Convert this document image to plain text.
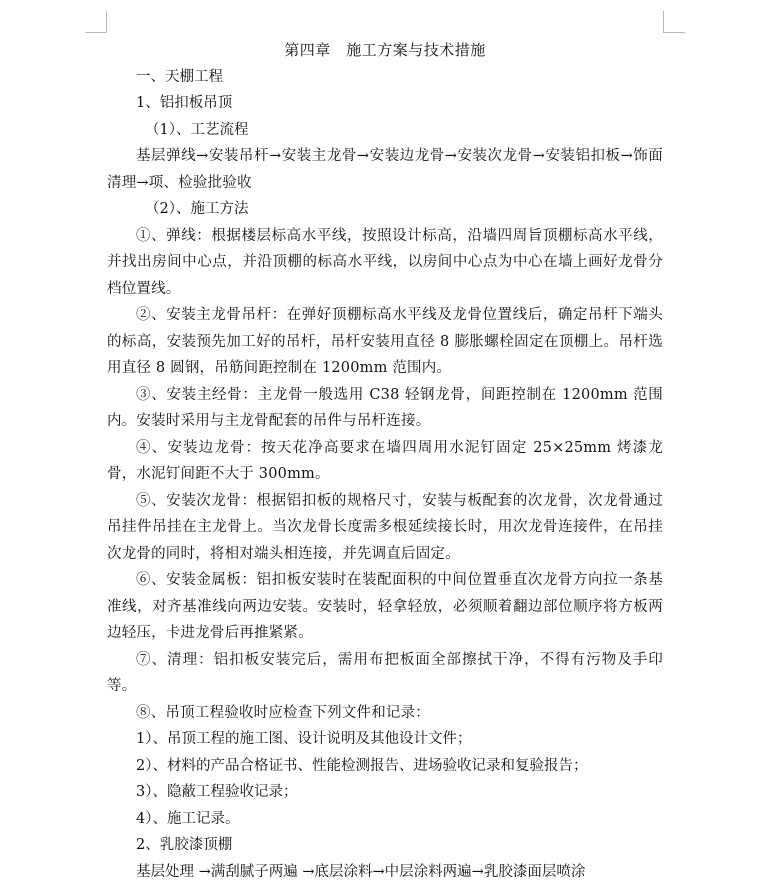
第四章　施工方案与技术措施
一、天棚工程
1、铝扣板吊顶
（1）、工艺流程

基层弹线→安装吊杆→安装主龙骨→安装边龙骨→安装次龙骨→安装铝扣板→饰面清理→项、检验批验收

（2）、施工方法

①、弹线：根据楼层标高水平线，按照设计标高，沿墙四周旨顶棚标高水平线，并找出房间中心点，并沿顶棚的标高水平线，以房间中心点为中心在墙上画好龙骨分档位置线。

②、安装主龙骨吊杆：在弹好顶棚标高水平线及龙骨位置线后，确定吊杆下端头的标高，安装预先加工好的吊杆，吊杆安装用直径 8 膨胀螺栓固定在顶棚上。吊杆选用直径 8 圆钢，吊筋间距控制在 1200mm 范围内。

③、安装主经骨：主龙骨一般选用 C38 轻钢龙骨，间距控制在 1200mm 范围内。安装时采用与主龙骨配套的吊件与吊杆连接。

④、安装边龙骨：按天花净高要求在墙四周用水泥钉固定 25×25mm 烤漆龙骨，水泥钉间距不大于 300mm。

⑤、安装次龙骨：根据铝扣板的规格尺寸，安装与板配套的次龙骨，次龙骨通过吊挂件吊挂在主龙骨上。当次龙骨长度需多根延续接长时，用次龙骨连接件，在吊挂次龙骨的同时，将相对端头相连接，并先调直后固定。

⑥、安装金属板：铝扣板安装时在装配面积的中间位置垂直次龙骨方向拉一条基准线，对齐基准线向两边安装。安装时，轻拿轻放，必须顺着翻边部位顺序将方板两边轻压，卡进龙骨后再推紧紧。

⑦、清理：铝扣板安装完后，需用布把板面全部擦拭干净，不得有污物及手印等。

⑧、吊顶工程验收时应检查下列文件和记录：

1）、吊顶工程的施工图、设计说明及其他设计文件；
2）、材料的产品合格证书、性能检测报告、进场验收记录和复验报告；
3）、隐蔽工程验收记录；
4）、施工记录。
2、乳胶漆顶棚
基层处理 →满刮腻子两遍 →底层涂料→中层涂料两遍→乳胶漆面层喷涂
